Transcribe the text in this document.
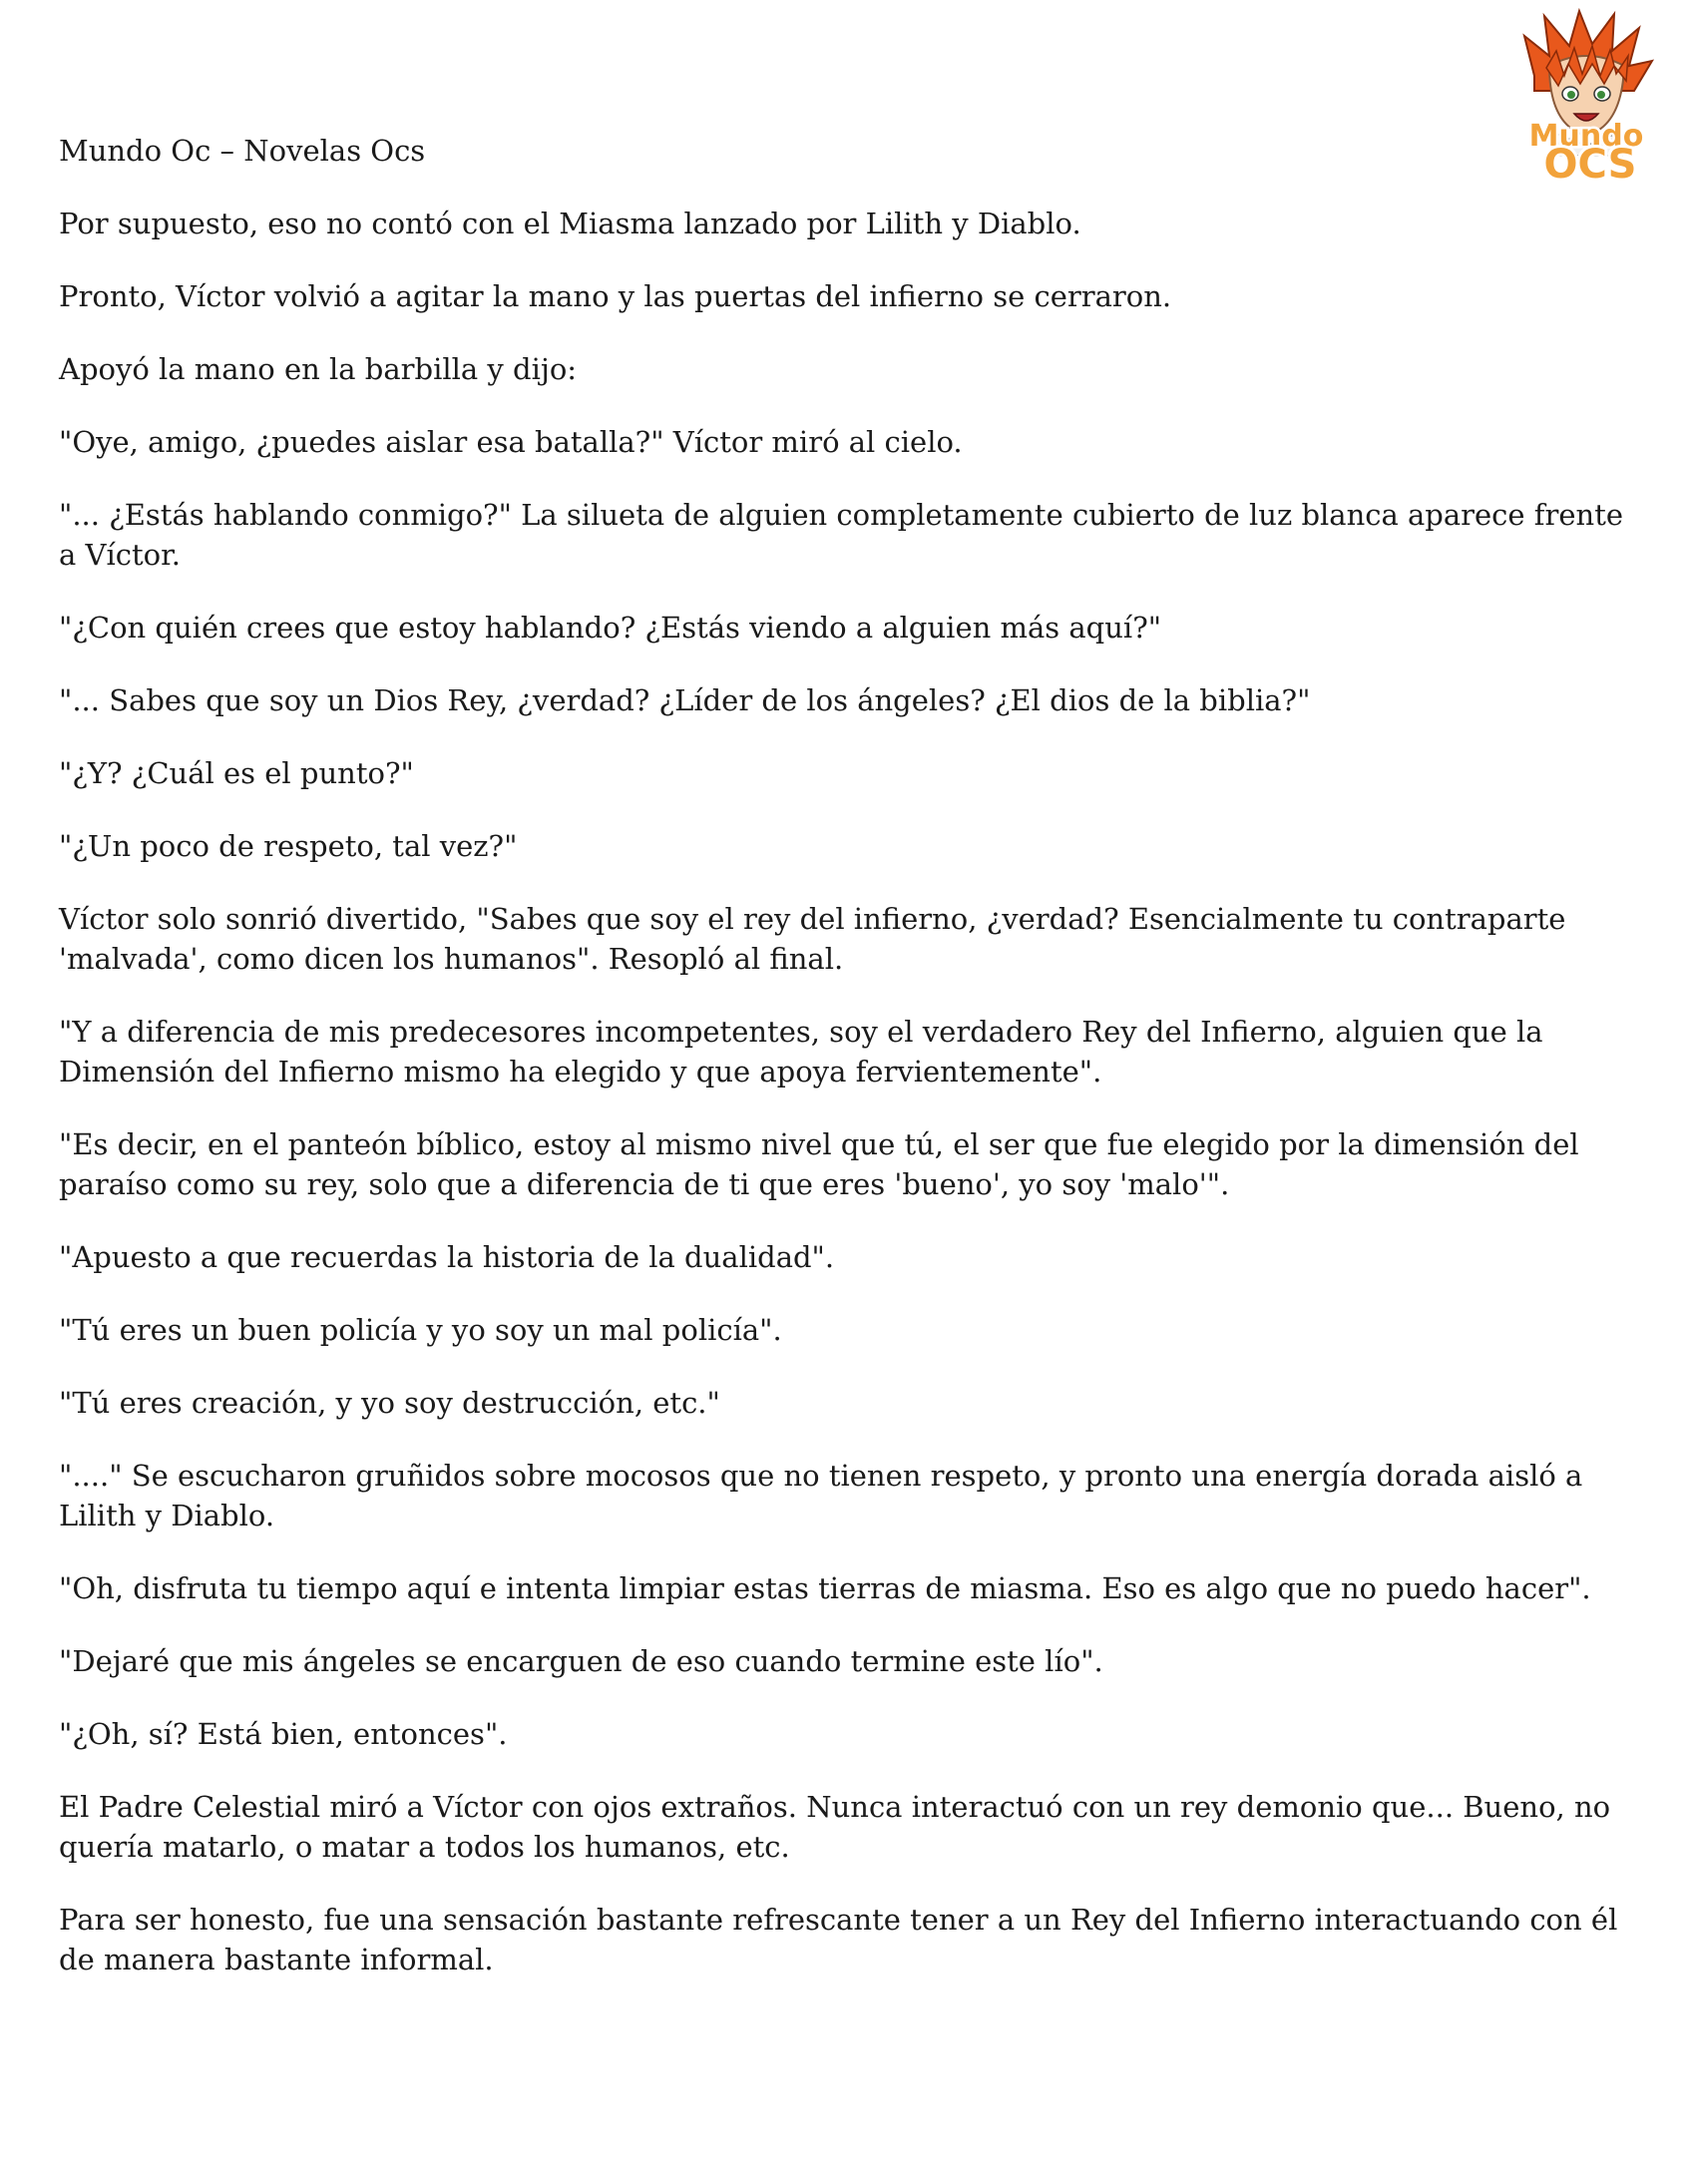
Mundo
OCS

Mundo Oc – Novelas Ocs

Por supuesto, eso no contó con el Miasma lanzado por Lilith y Diablo.

Pronto, Víctor volvió a agitar la mano y las puertas del infierno se cerraron.

Apoyó la mano en la barbilla y dijo:

"Oye, amigo, ¿puedes aislar esa batalla?" Víctor miró al cielo.

"... ¿Estás hablando conmigo?" La silueta de alguien completamente cubierto de luz blanca aparece frente a Víctor.

"¿Con quién crees que estoy hablando? ¿Estás viendo a alguien más aquí?"

"... Sabes que soy un Dios Rey, ¿verdad? ¿Líder de los ángeles? ¿El dios de la biblia?"

"¿Y? ¿Cuál es el punto?"

"¿Un poco de respeto, tal vez?"

Víctor solo sonrió divertido, "Sabes que soy el rey del infierno, ¿verdad? Esencialmente tu contraparte 'malvada', como dicen los humanos". Resopló al final.

"Y a diferencia de mis predecesores incompetentes, soy el verdadero Rey del Infierno, alguien que la Dimensión del Infierno mismo ha elegido y que apoya fervientemente".

"Es decir, en el panteón bíblico, estoy al mismo nivel que tú, el ser que fue elegido por la dimensión del paraíso como su rey, solo que a diferencia de ti que eres 'bueno', yo soy 'malo'".

"Apuesto a que recuerdas la historia de la dualidad".

"Tú eres un buen policía y yo soy un mal policía".

"Tú eres creación, y yo soy destrucción, etc."

"...." Se escucharon gruñidos sobre mocosos que no tienen respeto, y pronto una energía dorada aisló a Lilith y Diablo.

"Oh, disfruta tu tiempo aquí e intenta limpiar estas tierras de miasma. Eso es algo que no puedo hacer".

"Dejaré que mis ángeles se encarguen de eso cuando termine este lío".

"¿Oh, sí? Está bien, entonces".

El Padre Celestial miró a Víctor con ojos extraños. Nunca interactuó con un rey demonio que... Bueno, no quería matarlo, o matar a todos los humanos, etc.

Para ser honesto, fue una sensación bastante refrescante tener a un Rey del Infierno interactuando con él de manera bastante informal.
